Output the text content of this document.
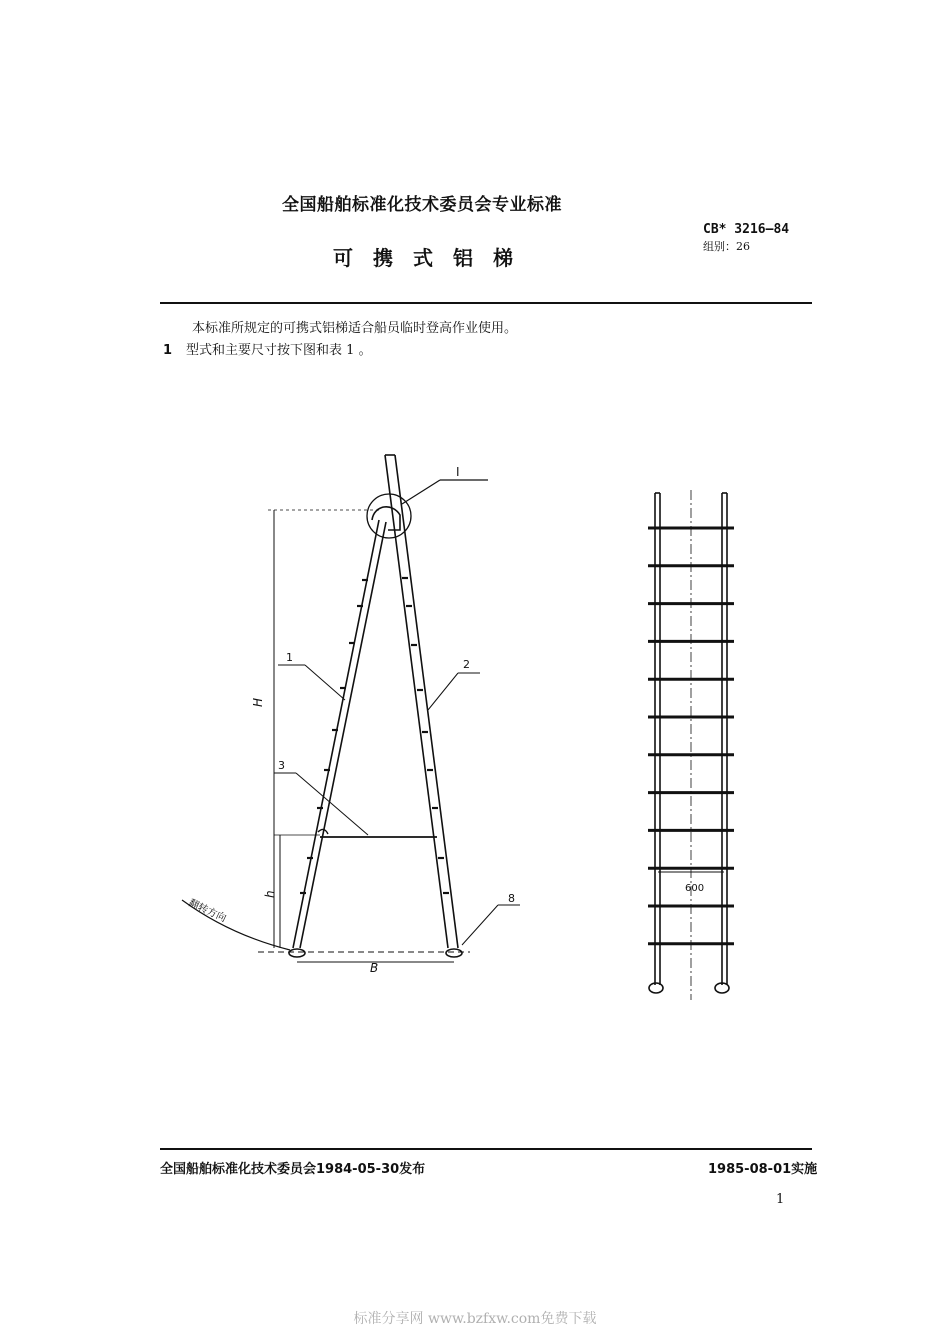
全国船舶标准化技术委员会专业标准
可携式铝梯
CB* 3216—84
组别：26
本标准所规定的可携式铝梯适合船员临时登高作业使用。
1 型式和主要尺寸按下图和表 1 。
I
1
2
3
8
H
h
B
翻转方向
600
全国船舶标准化技术委员会1984-05-30发布	1985-08-01实施
1
标准分享网 www.bzfxw.com免费下载
